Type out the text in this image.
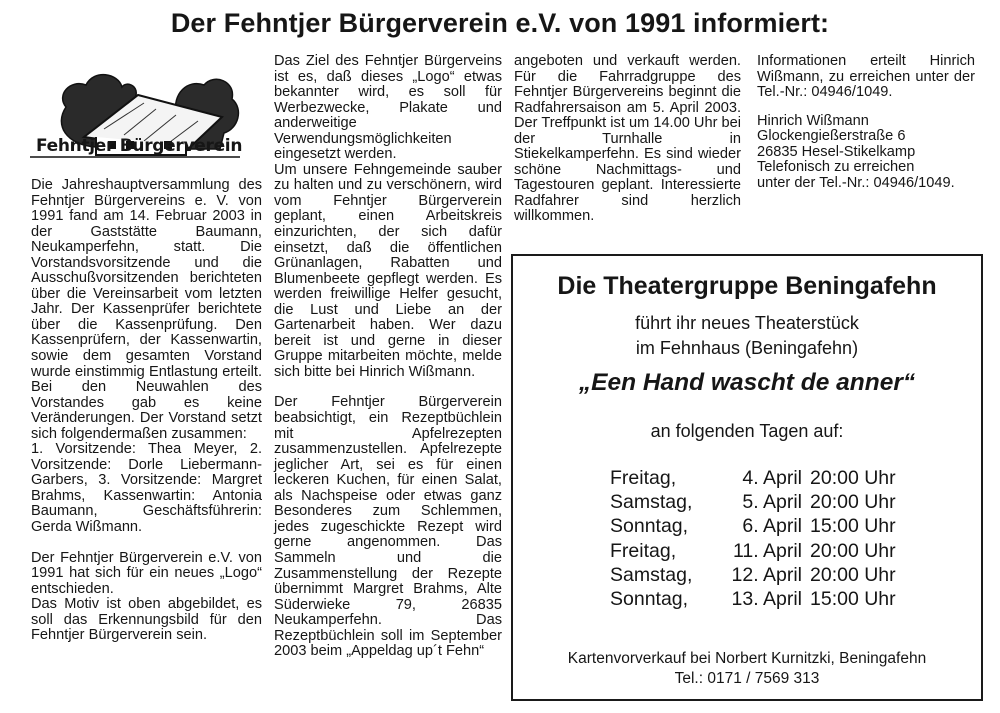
Der Fehntjer Bürgerverein e.V. von 1991 informiert:
Fehntjer Bürgerverein

Die Jahreshauptversammlung des Fehntjer Bürgervereins e. V. von 1991 fand am 14. Februar 2003 in der Gaststätte Baumann, Neukamperfehn, statt. Die Vorstandsvorsitzende und die Ausschußvorsitzenden berichteten über die Vereinsarbeit vom letzten Jahr. Der Kassenprüfer berichtete über die Kassenprüfung. Den Kassenprüfern, der Kassenwartin, sowie dem gesamten Vorstand wurde einstimmig Entlastung erteilt. Bei den Neuwahlen des Vorstandes gab es keine Veränderungen. Der Vorstand setzt sich folgendermaßen zusammen:

1. Vorsitzende: Thea Meyer, 2. Vorsitzende: Dorle Liebermann-Garbers, 3. Vorsitzende: Margret Brahms, Kassenwartin: Antonia Baumann, Geschäftsführerin: Gerda Wißmann.

Der Fehntjer Bürgerverein e.V. von 1991 hat sich für ein neues „Logo“ entschieden.

Das Motiv ist oben abgebildet, es soll das Erkennungsbild für den Fehntjer Bürgerverein sein.

Das Ziel des Fehntjer Bürgerveins ist es, daß dieses „Logo“ etwas bekannter wird, es soll für Werbezwecke, Plakate und anderweitige Verwendungsmöglichkeiten eingesetzt werden.

Um unsere Fehngemeinde sauber zu halten und zu verschönern, wird vom Fehntjer Bürgerverein geplant, einen Arbeitskreis einzurichten, der sich dafür einsetzt, daß die öffentlichen Grünanlagen, Rabatten und Blumenbeete gepflegt werden. Es werden freiwillige Helfer gesucht, die Lust und Liebe an der Gartenarbeit haben. Wer dazu bereit ist und gerne in dieser Gruppe mitarbeiten möchte, melde sich bitte bei Hinrich Wißmann.

Der Fehntjer Bürgerverein beabsichtigt, ein Rezeptbüchlein mit Apfelrezepten zusammenzustellen. Apfelrezepte jeglicher Art, sei es für einen leckeren Kuchen, für einen Salat, als Nachspeise oder etwas ganz Besonderes zum Schlemmen, jedes zugeschickte Rezept wird gerne angenommen. Das Sammeln und die Zusammenstellung der Rezepte übernimmt Margret Brahms, Alte Süderwieke 79, 26835 Neukamperfehn. Das Rezeptbüchlein soll im September 2003 beim „Appeldag up´t Fehn“

angeboten und verkauft werden. Für die Fahrradgruppe des Fehntjer Bürgervereins beginnt die Radfahrersaison am 5. April 2003. Der Treffpunkt ist um 14.00 Uhr bei der Turnhalle in Stiekelkamperfehn. Es sind wieder schöne Nachmittags- und Tagestouren geplant. Interessierte Radfahrer sind herzlich willkommen.

Informationen erteilt Hinrich Wißmann, zu erreichen unter der Tel.-Nr.: 04946/1049.

Hinrich Wißmann
Glockengießerstraße 6
26835 Hesel-Stikelkamp
Telefonisch zu erreichen
unter der Tel.-Nr.: 04946/1049.
Die Theatergruppe Beningafehn
führt ihr neues Theaterstück
im Fehnhaus (Beningafehn)
„Een Hand wascht de anner“
an folgenden Tagen auf:
Freitag,	4. April 20:00 Uhr
Samstag,	5. April 20:00 Uhr
Sonntag,	6. April 15:00 Uhr
Freitag,	11. April 20:00 Uhr
Samstag,	12. April 20:00 Uhr
Sonntag,	13. April 15:00 Uhr
Kartenvorverkauf bei Norbert Kurnitzki, Beningafehn
Tel.: 0171 / 7569 313
